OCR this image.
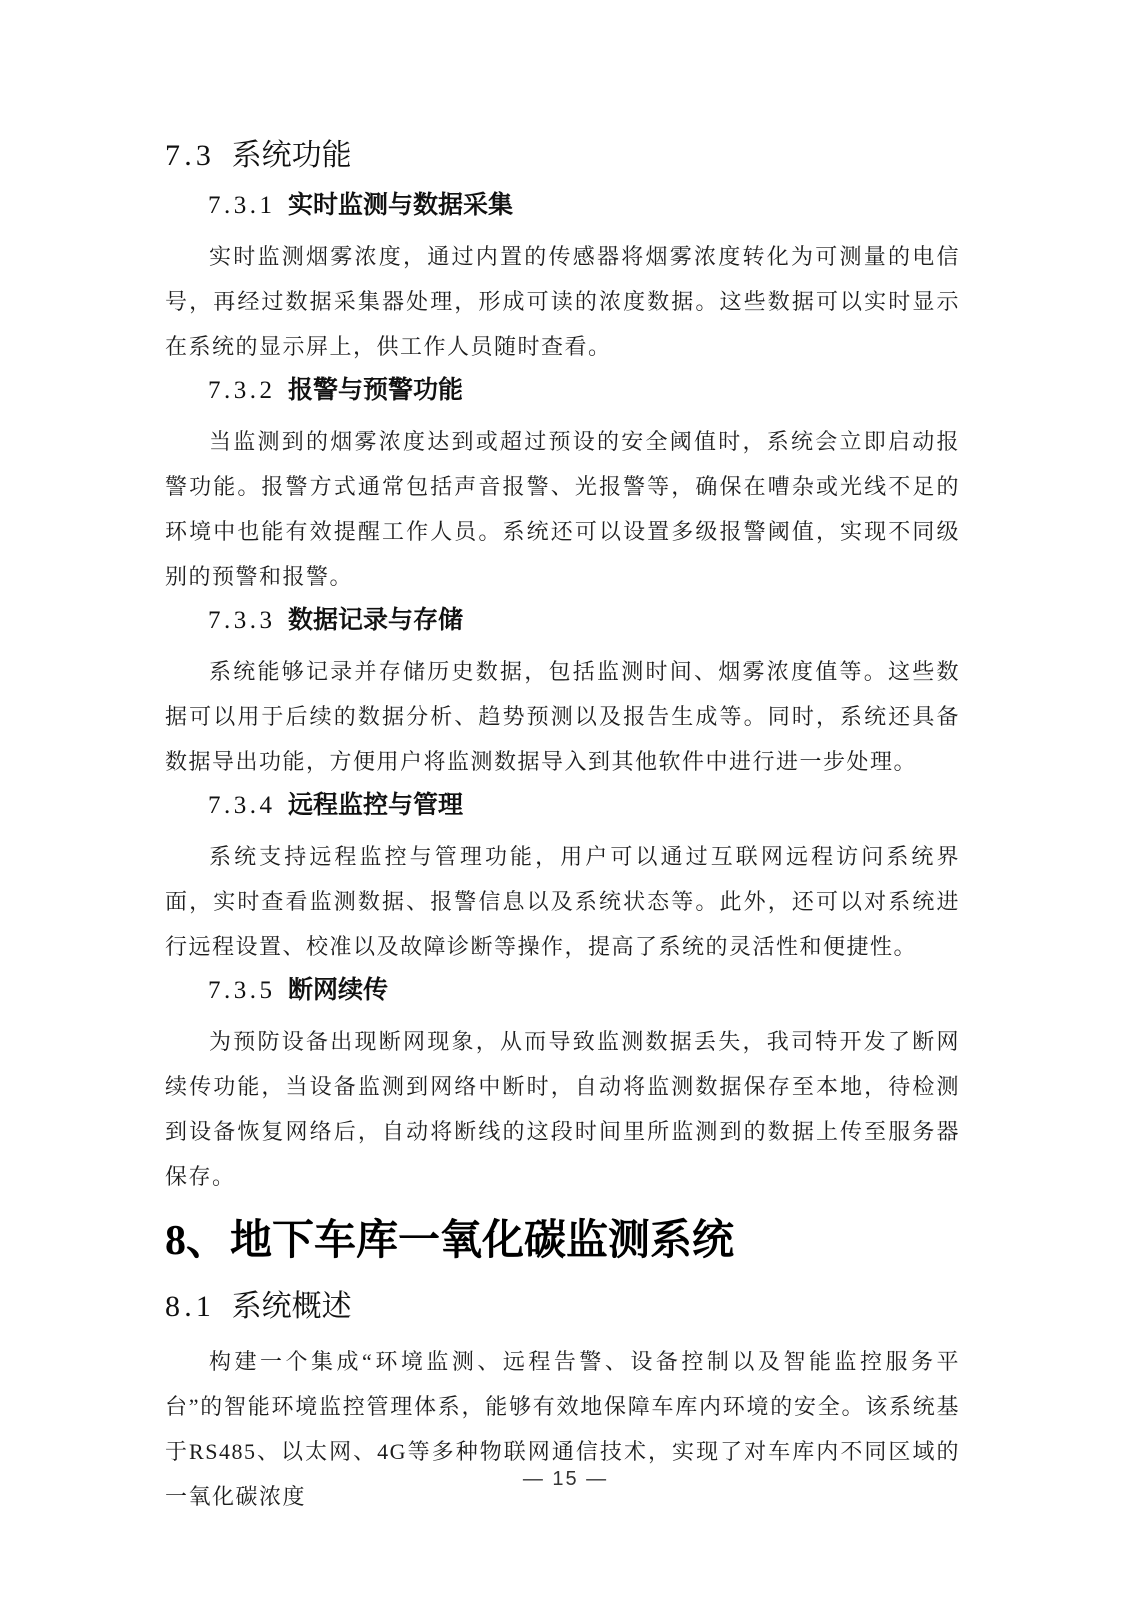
7.3 系统功能
7.3.1 实时监测与数据采集

实时监测烟雾浓度，通过内置的传感器将烟雾浓度转化为可测量的电信号，再经过数据采集器处理，形成可读的浓度数据。这些数据可以实时显示在系统的显示屏上，供工作人员随时查看。

7.3.2 报警与预警功能

当监测到的烟雾浓度达到或超过预设的安全阈值时，系统会立即启动报警功能。报警方式通常包括声音报警、光报警等，确保在嘈杂或光线不足的环境中也能有效提醒工作人员。系统还可以设置多级报警阈值，实现不同级别的预警和报警。

7.3.3 数据记录与存储

系统能够记录并存储历史数据，包括监测时间、烟雾浓度值等。这些数据可以用于后续的数据分析、趋势预测以及报告生成等。同时，系统还具备数据导出功能，方便用户将监测数据导入到其他软件中进行进一步处理。

7.3.4 远程监控与管理

系统支持远程监控与管理功能，用户可以通过互联网远程访问系统界面，实时查看监测数据、报警信息以及系统状态等。此外，还可以对系统进行远程设置、校准以及故障诊断等操作，提高了系统的灵活性和便捷性。

7.3.5 断网续传

为预防设备出现断网现象，从而导致监测数据丢失，我司特开发了断网续传功能，当设备监测到网络中断时，自动将监测数据保存至本地，待检测到设备恢复网络后，自动将断线的这段时间里所监测到的数据上传至服务器保存。

8、地下车库一氧化碳监测系统
8.1 系统概述

构建一个集成“环境监测、远程告警、设备控制以及智能监控服务平台”的智能环境监控管理体系，能够有效地保障车库内环境的安全。该系统基于RS485、以太网、4G等多种物联网通信技术，实现了对车库内不同区域的一氧化碳浓度

— 15 —
